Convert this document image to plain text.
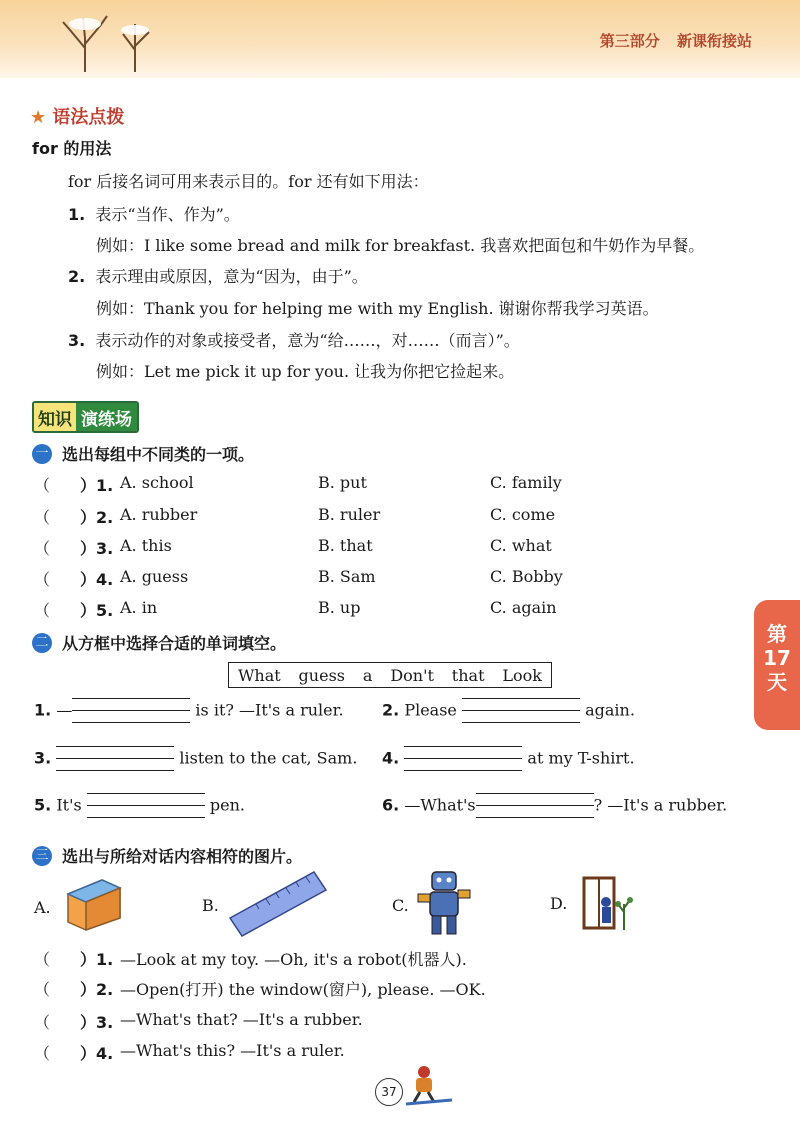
第三部分 新课衔接站
★ 语法点拨
for 的用法
for 后接名词可用来表示目的。for 还有如下用法：
1. 表示“当作、作为”。
例如：I like some bread and milk for breakfast. 我喜欢把面包和牛奶作为早餐。
2. 表示理由或原因，意为“因为，由于”。
例如：Thank you for helping me with my English. 谢谢你帮我学习英语。
3. 表示动作的对象或接受者，意为“给……，对……（而言）”。
例如：Let me pick it up for you. 让我为你把它捡起来。
知识 演练场
一 选出每组中不同类的一项。
（ ）1. A. school	B. put	C. family
（ ）2. A. rubber	B. ruler	C. come
（ ）3. A. this	B. that	C. what
（ ）4. A. guess	B. Sam	C. Bobby
（ ）5. A. in	B. up	C. again
二 从方框中选择合适的单词填空。
What guess a Don't that Look
1. —	is it? —It's a ruler. 2. Please	again.
3.	listen to the cat, Sam. 4.	at my T-shirt.
5. It's	pen.	6. —What's	? —It's a rubber.
三 选出与所给对话内容相符的图片。
A.	B.	C.	D.
（ ）1. —Look at my toy. —Oh, it's a robot(机器人).
（ ）2. —Open(打开) the window(窗户), please. —OK.
（ ）3. —What's that? —It's a rubber.
（ ）4. —What's this? —It's a ruler.
第
17
天
37
